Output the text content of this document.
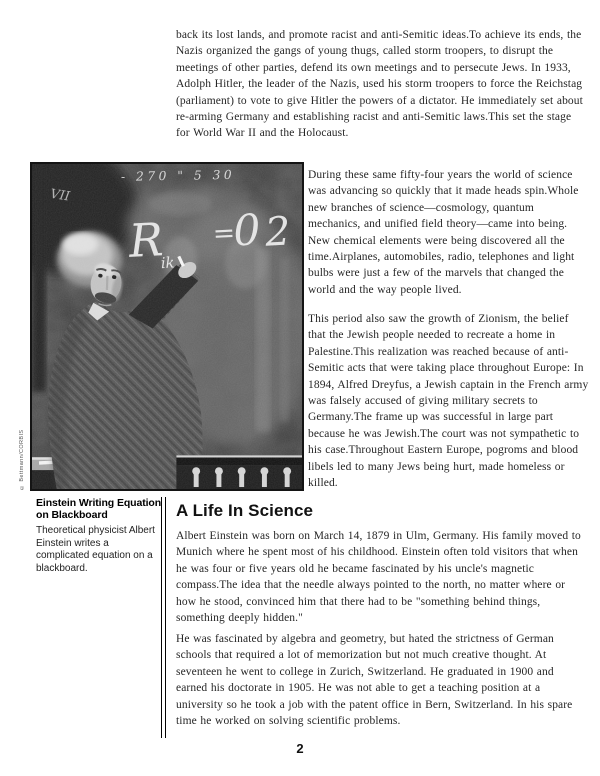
back its lost lands, and promote racist and anti-Semitic ideas.To achieve its ends, the Nazis organized the gangs of young thugs, called storm troopers, to disrupt the meetings of other parties, defend its own meetings and to persecute Jews. In 1933, Adolph Hitler, the leader of the Nazis, used his storm troopers to force the Reichstag (parliament) to vote to give Hitler the powers of a dictator. He immediately set about re-arming Germany and establishing racist and anti-Semitic laws.This set the stage for World War II and the Holocaust.

© Bettmann/CORBIS

During these same fifty-four years the world of science was advancing so quickly that it made heads spin.Whole new branches of science—cosmology, quantum mechanics, and unified field theory—came into being. New chemical elements were being discovered all the time.Airplanes, automobiles, radio, telephones and light bulbs were just a few of the marvels that changed the world and the way people lived.

This period also saw the growth of Zionism, the belief that the Jewish people needed to recreate a home in Palestine.This realization was reached because of anti-Semitic acts that were taking place throughout Europe: In 1894, Alfred Dreyfus, a Jewish captain in the French army was falsely accused of giving military secrets to Germany.The frame up was successful in large part because he was Jewish.The court was not sympathetic to his case.Throughout Eastern Europe, pogroms and blood libels led to many Jews being hurt, made homeless or killed.

Einstein Writing Equation
on Blackboard
Theoretical physicist Albert Einstein writes a complicated equation on a blackboard.
A Life In Science

Albert Einstein was born on March 14, 1879 in Ulm, Germany. His family moved to Munich where he spent most of his childhood. Einstein often told visitors that when he was four or five years old he became fascinated by his uncle's magnetic compass.The idea that the needle always pointed to the north, no matter where or how he stood, convinced him that there had to be "something behind things, something deeply hidden."

He was fascinated by algebra and geometry, but hated the strictness of German schools that required a lot of memorization but not much creative thought. At seventeen he went to college in Zurich, Switzerland. He graduated in 1900 and earned his doctorate in 1905. He was not able to get a teaching position at a university so he took a job with the patent office in Bern, Switzerland. In his spare time he worked on solving scientific problems.

2
